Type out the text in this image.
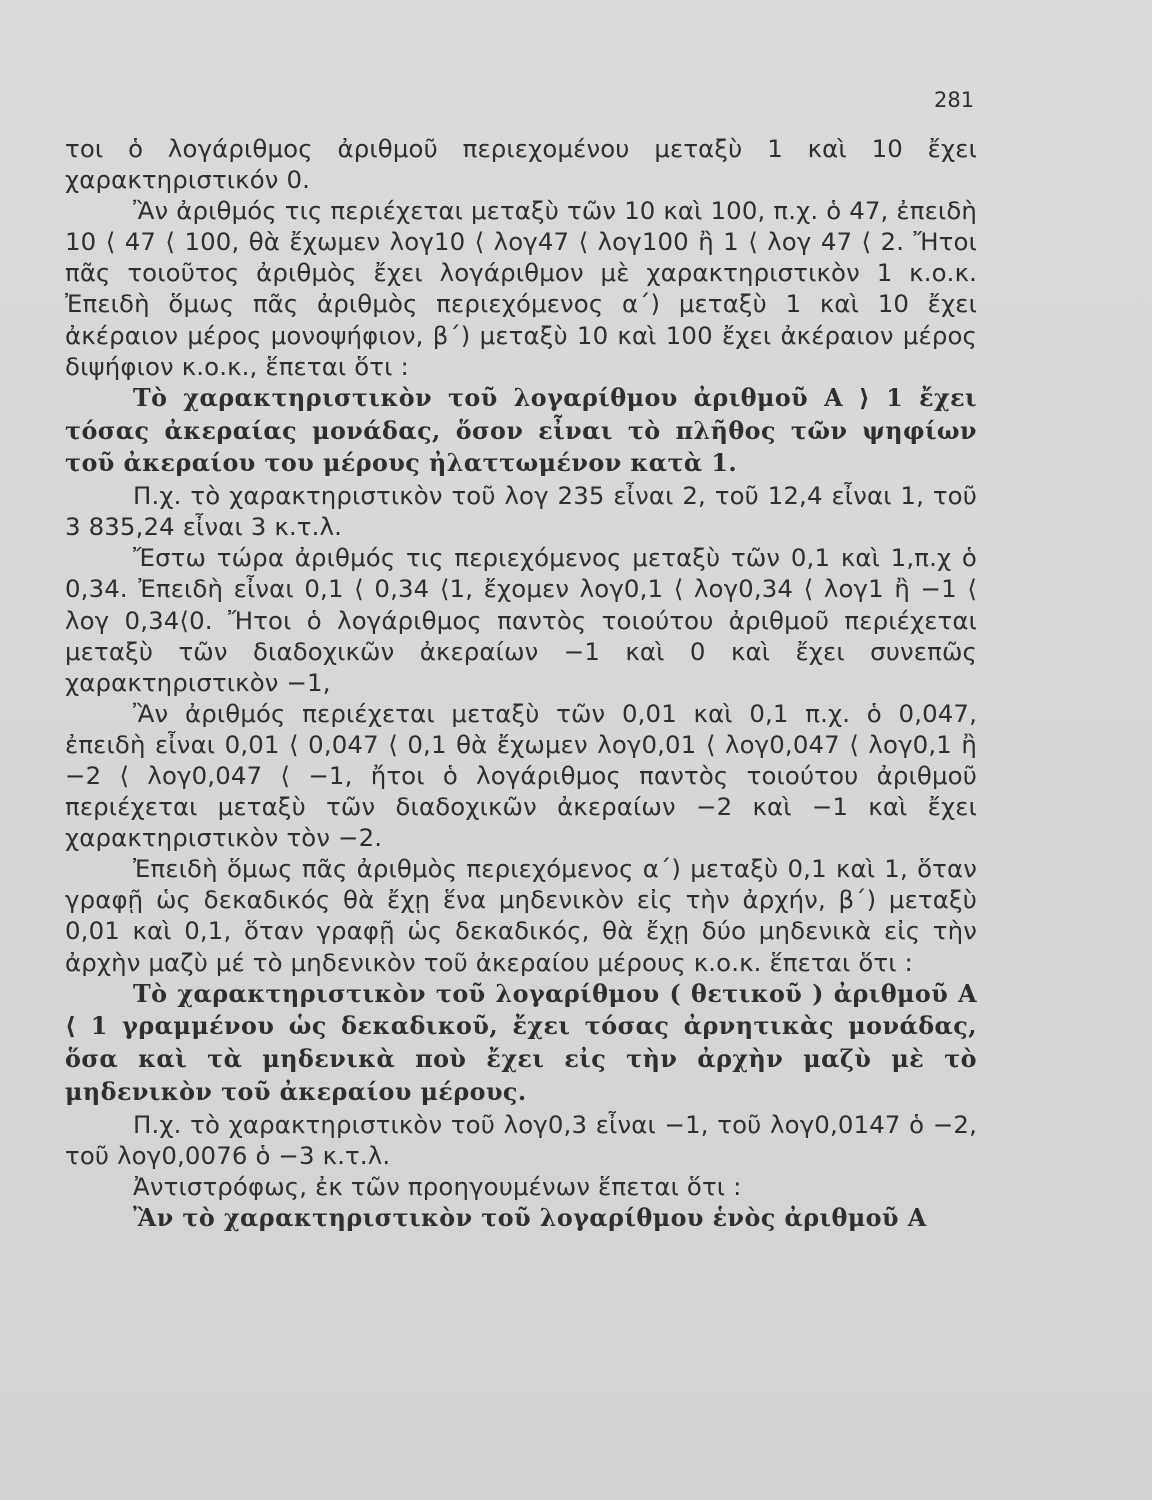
281

τοι ὁ λογάριθμος ἀριθμοῦ περιεχομένου μεταξὺ 1 καὶ 10 ἔχει χαρακτηριστικόν 0.

Ἂν ἀριθμός τις περιέχεται μεταξὺ τῶν 10 καὶ 100, π.χ. ὁ 47, ἐπειδὴ 10 ⟨ 47 ⟨ 100, θὰ ἔχωμεν λογ10 ⟨ λογ47 ⟨ λογ100 ἢ 1 ⟨ λογ 47 ⟨ 2. Ἤτοι πᾶς τοιοῦτος ἀριθμὸς ἔχει λογάριθμον μὲ χαρακτηριστικὸν 1 κ.ο.κ. Ἐπειδὴ ὅμως πᾶς ἀριθμὸς περιεχόμενος α΄) μεταξὺ 1 καὶ 10 ἔχει ἀκέραιον μέρος μονοψήφιον, β΄) μεταξὺ 10 καὶ 100 ἔχει ἀκέραιον μέρος διψήφιον κ.ο.κ., ἕπεται ὅτι :

Τὸ χαρακτηριστικὸν τοῦ λογαρίθμου ἀριθμοῦ Α ⟩ 1 ἔχει τόσας ἀκεραίας μονάδας, ὅσον εἶναι τὸ πλῆθος τῶν ψηφίων τοῦ ἀκεραίου του μέρους ἠλαττωμένον κατὰ 1.

Π.χ. τὸ χαρακτηριστικὸν τοῦ λογ 235 εἶναι 2, τοῦ 12,4 εἶναι 1, τοῦ 3 835,24 εἶναι 3 κ.τ.λ.

Ἔστω τώρα ἀριθμός τις περιεχόμενος μεταξὺ τῶν 0,1 καὶ 1,π.χ ὁ 0,34. Ἐπειδὴ εἶναι 0,1 ⟨ 0,34 ⟨1, ἔχομεν λογ0,1 ⟨ λογ0,34 ⟨ λογ1 ἢ −1 ⟨ λογ 0,34⟨0. Ἤτοι ὁ λογάριθμος παντὸς τοιούτου ἀριθμοῦ περιέχεται μεταξὺ τῶν διαδοχικῶν ἀκεραίων −1 καὶ 0 καὶ ἔχει συνεπῶς χαρακτηριστικὸν −1,

Ἂν ἀριθμός περιέχεται μεταξὺ τῶν 0,01 καὶ 0,1 π.χ. ὁ 0,047, ἐπειδὴ εἶναι 0,01 ⟨ 0,047 ⟨ 0,1 θὰ ἔχωμεν λογ0,01 ⟨ λογ0,047 ⟨ λογ0,1 ἢ −2 ⟨ λογ0,047 ⟨ −1, ἤτοι ὁ λογάριθμος παντὸς τοιούτου ἀριθμοῦ περιέχεται μεταξὺ τῶν διαδοχικῶν ἀκεραίων −2 καὶ −1 καὶ ἔχει χαρακτηριστικὸν τὸν −2.

Ἐπειδὴ ὅμως πᾶς ἀριθμὸς περιεχόμενος α΄) μεταξὺ 0,1 καὶ 1, ὅταν γραφῇ ὡς δεκαδικός θὰ ἔχῃ ἕνα μηδενικὸν εἰς τὴν ἀρχήν, β΄) μεταξὺ 0,01 καὶ 0,1, ὅταν γραφῇ ὡς δεκαδικός, θὰ ἔχῃ δύο μηδενικὰ εἰς τὴν ἀρχὴν μαζὺ μέ τὸ μηδενικὸν τοῦ ἀκεραίου μέρους κ.ο.κ. ἕπεται ὅτι :

Τὸ χαρακτηριστικὸν τοῦ λογαρίθμου ( θετικοῦ ) ἀριθμοῦ Α ⟨ 1 γραμμένου ὡς δεκαδικοῦ, ἔχει τόσας ἀρνητικὰς μονάδας, ὅσα καὶ τὰ μηδενικὰ ποὺ ἔχει εἰς τὴν ἀρχὴν μαζὺ μὲ τὸ μηδενικὸν τοῦ ἀκεραίου μέρους.

Π.χ. τὸ χαρακτηριστικὸν τοῦ λογ0,3 εἶναι −1, τοῦ λογ0,0147 ὁ −2, τοῦ λογ0,0076 ὁ −3 κ.τ.λ.

Ἀντιστρόφως, ἐκ τῶν προηγουμένων ἕπεται ὅτι :

Ἂν τὸ χαρακτηριστικὸν τοῦ λογαρίθμου ἑνὸς ἀριθμοῦ Α
